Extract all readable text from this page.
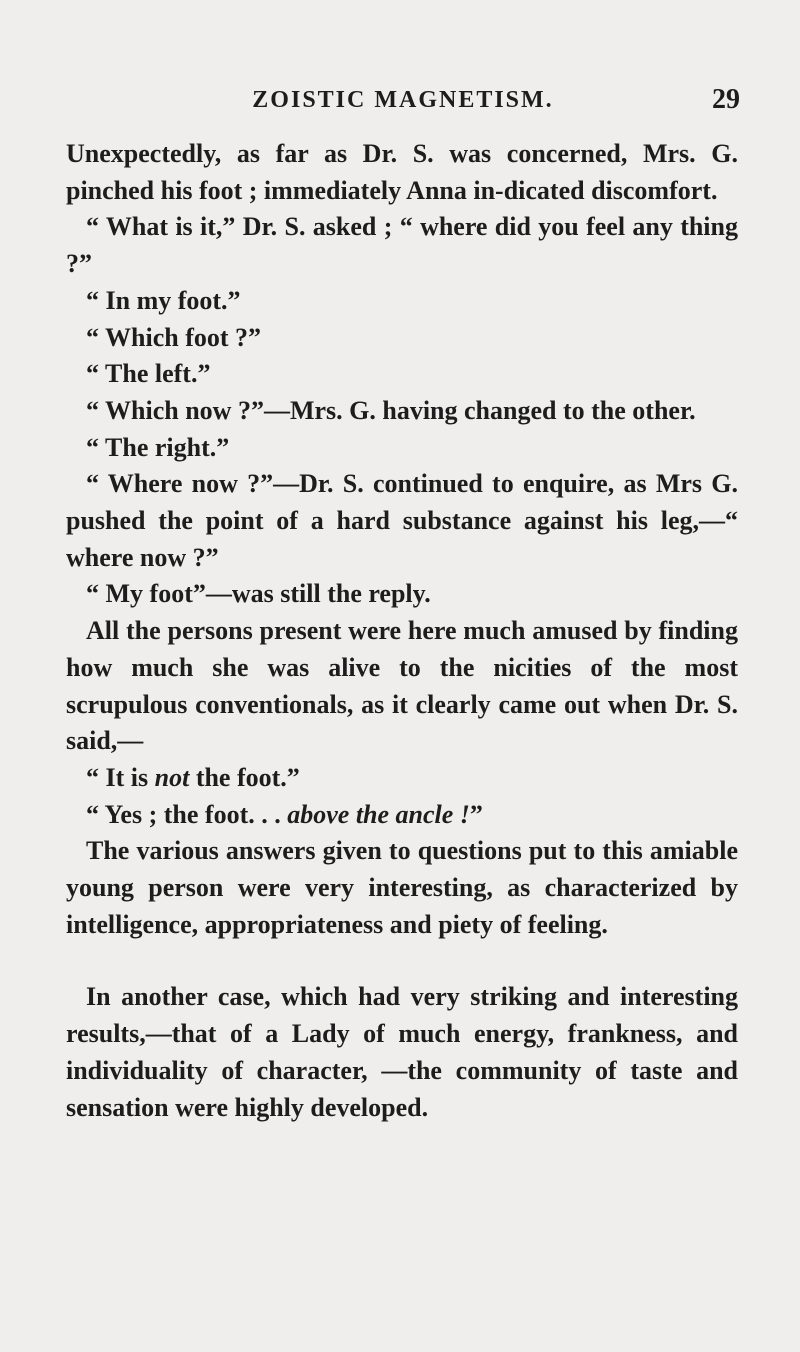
ZOISTIC MAGNETISM.	29

Unexpectedly, as far as Dr. S. was concerned, Mrs. G. pinched his foot ; immediately Anna in-dicated discomfort.

“ What is it,” Dr. S. asked ; “ where did you feel any thing ?”

“ In my foot.”

“ Which foot ?”

“ The left.”

“ Which now ?”—Mrs. G. having changed to the other.

“ The right.”

“ Where now ?”—Dr. S. continued to enquire, as Mrs G. pushed the point of a hard substance against his leg,—“ where now ?”

“ My foot”—was still the reply.

All the persons present were here much amused by finding how much she was alive to the nicities of the most scrupulous conventionals, as it clearly came out when Dr. S. said,—

“ It is not the foot.”

“ Yes ; the foot. . . above the ancle !”

The various answers given to questions put to this amiable young person were very interesting, as characterized by intelligence, appropriateness and piety of feeling.

In another case, which had very striking and interesting results,—that of a Lady of much energy, frankness, and individuality of character, —the community of taste and sensation were highly developed.
